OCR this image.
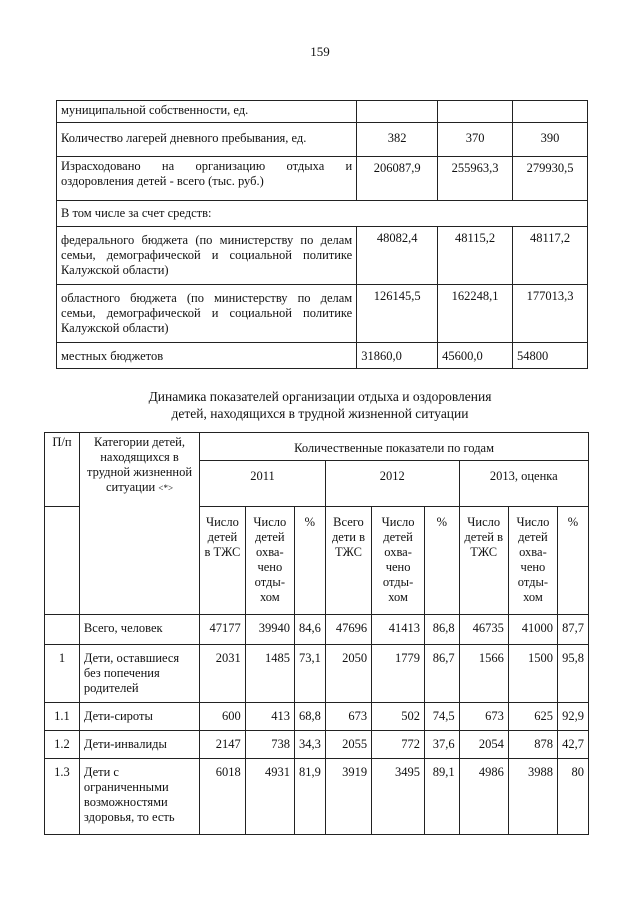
159
муниципальной собственности, ед.			
Количество лагерей дневного пребывания, ед.	382	370	390
Израсходовано на организацию отдыха и оздоровления детей - всего (тыс. руб.)	206087,9	255963,3	279930,5
В том числе за счет средств:			
федерального бюджета (по министерству по делам семьи, демографической и социальной политике Калужской области)	48082,4	48115,2	48117,2
областного бюджета (по министерству по делам семьи, демографической и социальной политике Калужской области)	126145,5	162248,1	177013,3
местных бюджетов	31860,0	45600,0	54800
Динамика показателей организации отдыха и оздоровления
детей, находящихся в трудной жизненной ситуации
П/п	Категории детей, находящихся в трудной жизненной ситуации <*>	Количественные показатели по годам								
		2011			2012			2013, оценка		
		Число детей в ТЖС	Число детей охва-чено отды-хом	%	Всего дети в ТЖС	Число детей охва-чено отды-хом	%	Число детей в ТЖС	Число детей охва-чено отды-хом	%
	Всего, человек	47177	39940	84,6	47696	41413	86,8	46735	41000	87,7
1	Дети, оставшиеся без попечения родителей	2031	1485	73,1	2050	1779	86,7	1566	1500	95,8
1.1	Дети-сироты	600	413	68,8	673	502	74,5	673	625	92,9
1.2	Дети-инвалиды	2147	738	34,3	2055	772	37,6	2054	878	42,7
1.3	Дети с ограниченными возможностями здоровья, то есть	6018	4931	81,9	3919	3495	89,1	4986	3988	80
